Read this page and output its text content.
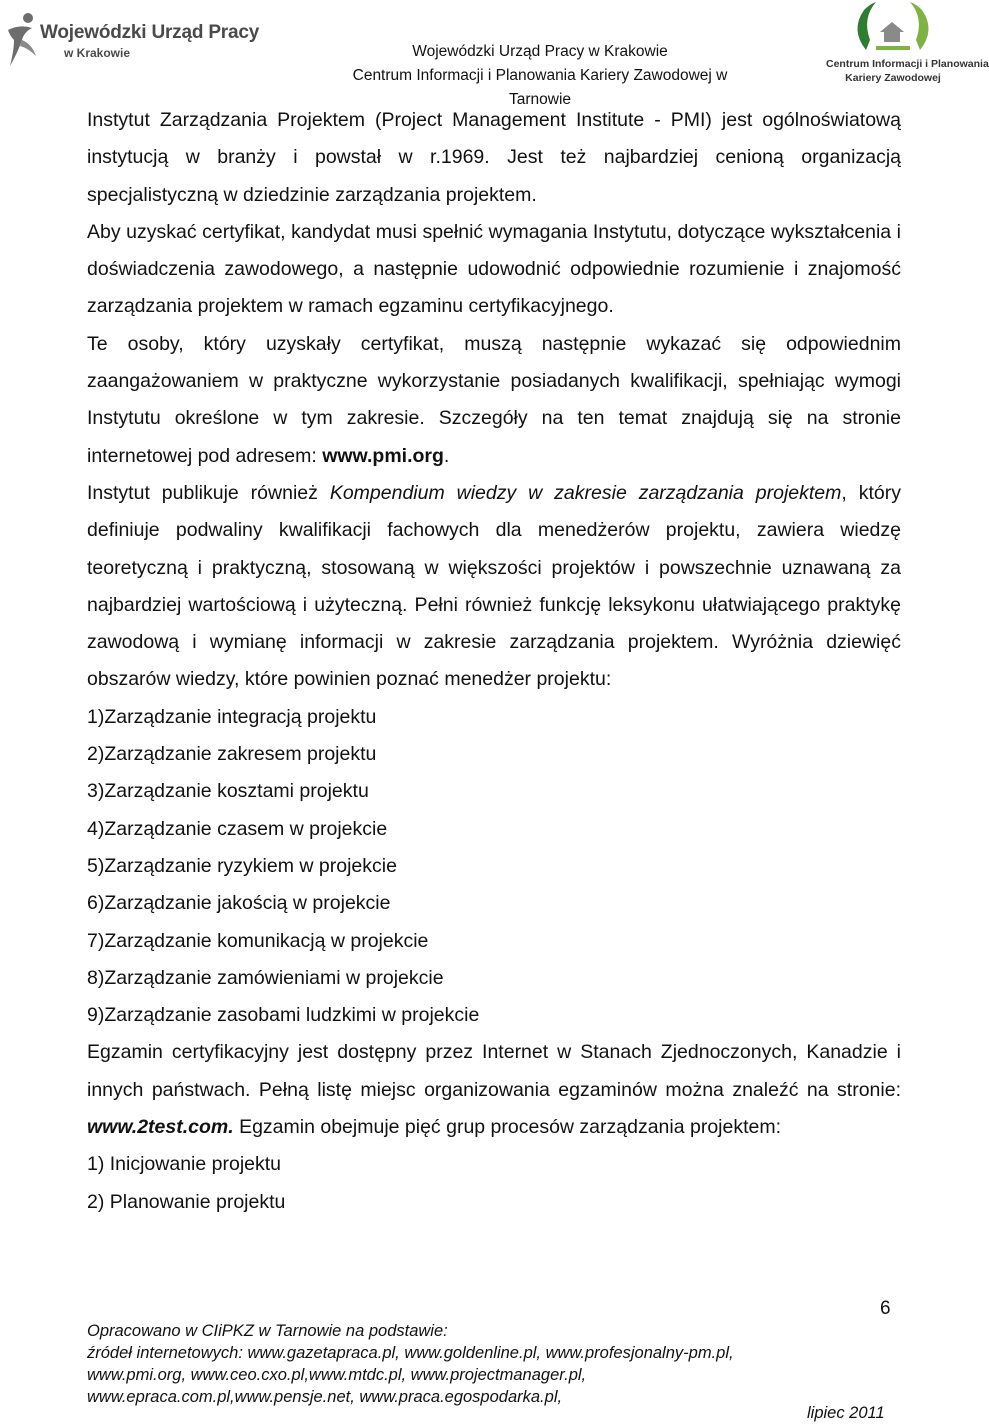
Wojewódzki Urząd Pracy
w Krakowie	Wojewódzki Urząd Pracy w Krakowie
Centrum Informacji i Planowania Kariery Zawodowej w Tarnowie
Centrum Informacji i Planowania
Kariery Zawodowej

Instytut Zarządzania Projektem (Project Management Institute - PMI) jest ogólnoświatową instytucją w branży i powstał w r.1969. Jest też najbardziej cenioną organizacją specjalistyczną w dziedzinie zarządzania projektem.

Aby uzyskać certyfikat, kandydat musi spełnić wymagania Instytutu, dotyczące wykształcenia i doświadczenia zawodowego, a następnie udowodnić odpowiednie rozumienie i znajomość zarządzania projektem w ramach egzaminu certyfikacyjnego.

Te osoby, który uzyskały certyfikat, muszą następnie wykazać się odpowiednim zaangażowaniem w praktyczne wykorzystanie posiadanych kwalifikacji, spełniając wymogi Instytutu określone w tym zakresie. Szczegóły na ten temat znajdują się na stronie internetowej pod adresem: www.pmi.org.

Instytut publikuje również Kompendium wiedzy w zakresie zarządzania projektem, który definiuje podwaliny kwalifikacji fachowych dla menedżerów projektu, zawiera wiedzę teoretyczną i praktyczną, stosowaną w większości projektów i powszechnie uznawaną za najbardziej wartościową i użyteczną. Pełni również funkcję leksykonu ułatwiającego praktykę zawodową i wymianę informacji w zakresie zarządzania projektem. Wyróżnia dziewięć obszarów wiedzy, które powinien poznać menedżer projektu:

1)Zarządzanie integracją projektu
2)Zarządzanie zakresem projektu
3)Zarządzanie kosztami projektu
4)Zarządzanie czasem w projekcie
5)Zarządzanie ryzykiem w projekcie
6)Zarządzanie jakością w projekcie
7)Zarządzanie komunikacją w projekcie
8)Zarządzanie zamówieniami w projekcie
9)Zarządzanie zasobami ludzkimi w projekcie

Egzamin certyfikacyjny jest dostępny przez Internet w Stanach Zjednoczonych, Kanadzie i innych państwach. Pełną listę miejsc organizowania egzaminów można znaleźć na stronie: www.2test.com. Egzamin obejmuje pięć grup procesów zarządzania projektem:

1) Inicjowanie projektu
2) Planowanie projektu
6
Opracowano w CIiPKZ w Tarnowie na podstawie:
źródeł internetowych: www.gazetapraca.pl, www.goldenline.pl, www.profesjonalny-pm.pl,
www.pmi.org, www.ceo.cxo.pl,www.mtdc.pl, www.projectmanager.pl,
www.epraca.com.pl,www.pensje.net, www.praca.egospodarka.pl,
lipiec 2011
